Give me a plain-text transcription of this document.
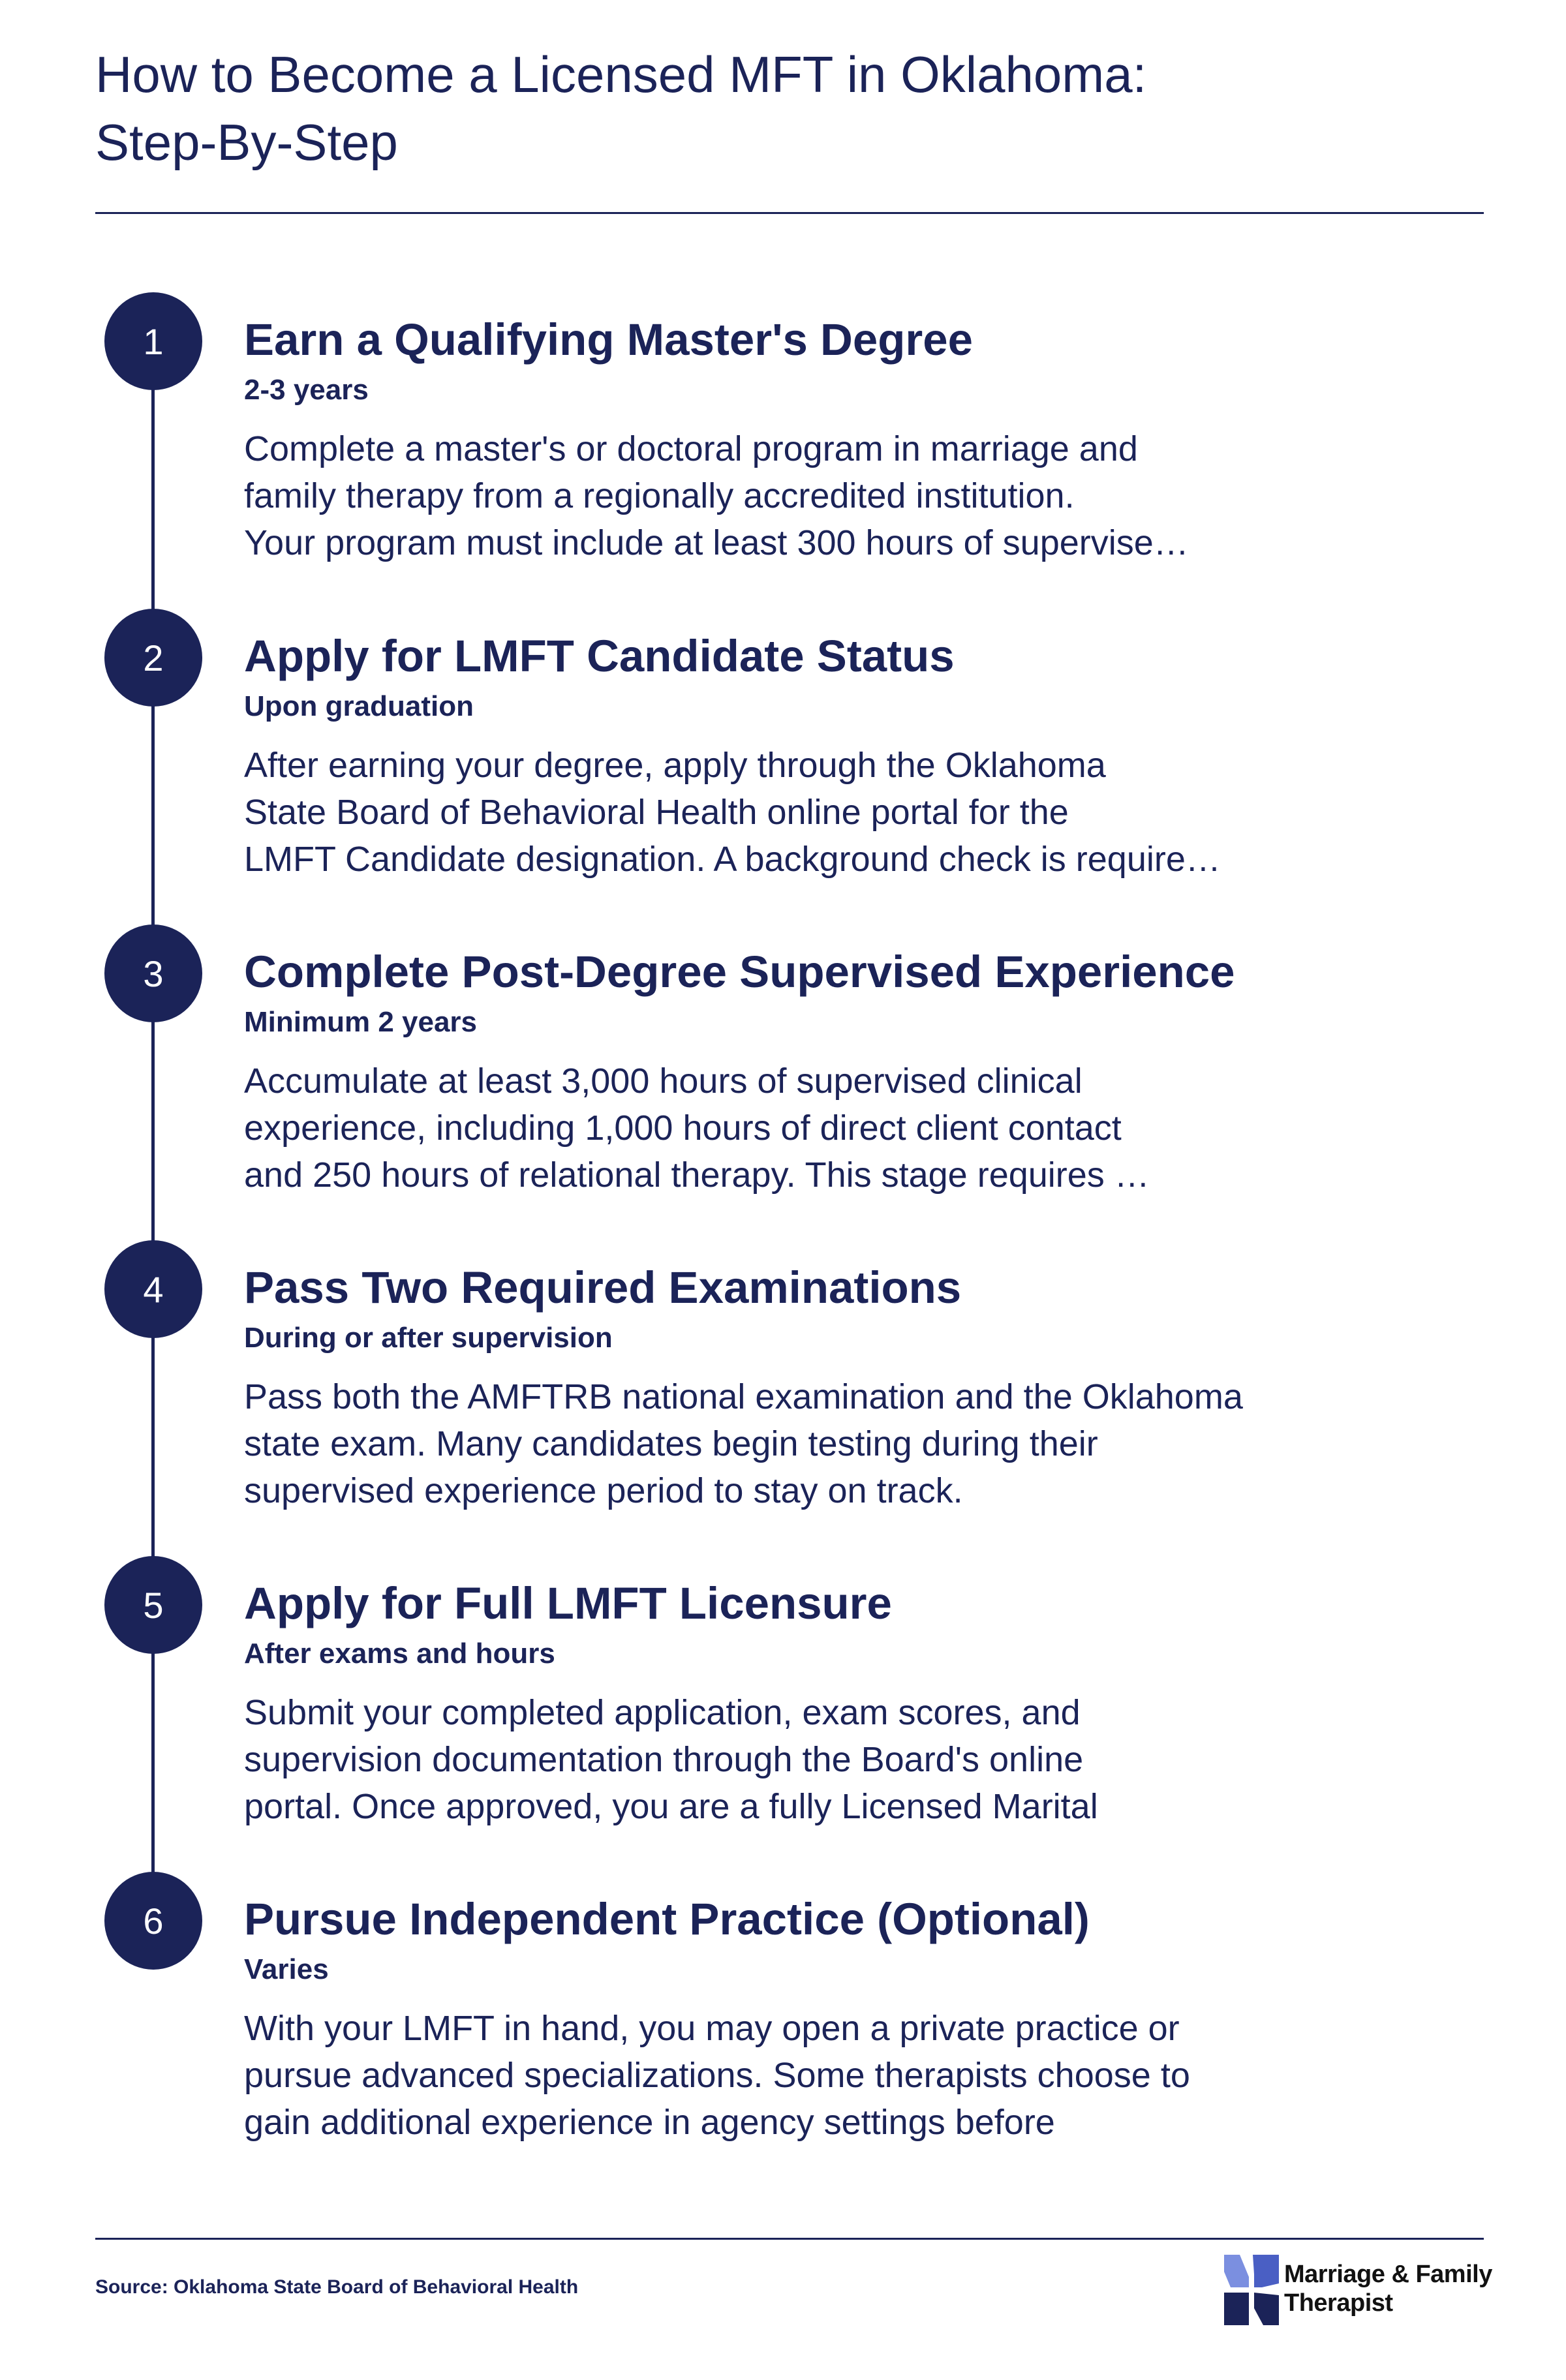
How to Become a Licensed MFT in Oklahoma:
Step-By-Step
1	Earn a Qualifying Master's Degree
2-3 years
Complete a master's or doctoral program in marriage and
family therapy from a regionally accredited institution.
Your program must include at least 300 hours of supervise…
2	Apply for LMFT Candidate Status
Upon graduation
After earning your degree, apply through the Oklahoma
State Board of Behavioral Health online portal for the
LMFT Candidate designation. A background check is require…
3	Complete Post-Degree Supervised Experience
Minimum 2 years
Accumulate at least 3,000 hours of supervised clinical
experience, including 1,000 hours of direct client contact
and 250 hours of relational therapy. This stage requires …
4	Pass Two Required Examinations
During or after supervision
Pass both the AMFTRB national examination and the Oklahoma
state exam. Many candidates begin testing during their
supervised experience period to stay on track.
5	Apply for Full LMFT Licensure
After exams and hours
Submit your completed application, exam scores, and
supervision documentation through the Board's online
portal. Once approved, you are a fully Licensed Marital
6	Pursue Independent Practice (Optional)
Varies
With your LMFT in hand, you may open a private practice or
pursue advanced specializations. Some therapists choose to
gain additional experience in agency settings before
Source: Oklahoma State Board of Behavioral Health	Marriage & Family
Therapist
